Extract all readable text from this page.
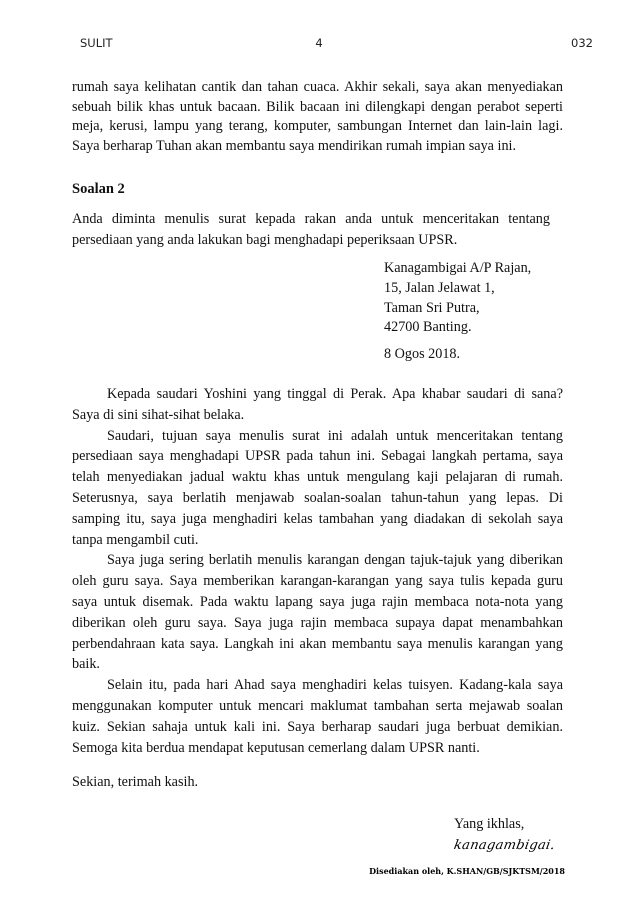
SULIT	4	032
rumah saya kelihatan cantik dan tahan cuaca. Akhir sekali, saya akan menyediakan sebuah bilik khas untuk bacaan. Bilik bacaan ini dilengkapi dengan perabot seperti meja, kerusi, lampu yang terang, komputer, sambungan Internet dan lain-lain lagi. Saya berharap Tuhan akan membantu saya mendirikan rumah impian saya ini.
Soalan 2
Anda diminta menulis surat kepada rakan anda untuk menceritakan tentang persediaan yang anda lakukan bagi menghadapi peperiksaan UPSR.
Kanagambigai A/P Rajan,
15, Jalan Jelawat 1,
Taman Sri Putra,
42700 Banting.
8 Ogos 2018.

Kepada saudari Yoshini yang tinggal di Perak. Apa khabar saudari di sana? Saya di sini sihat-sihat belaka.

Saudari, tujuan saya menulis surat ini adalah untuk menceritakan tentang persediaan saya menghadapi UPSR pada tahun ini. Sebagai langkah pertama, saya telah menyediakan jadual waktu khas untuk mengulang kaji pelajaran di rumah. Seterusnya, saya berlatih menjawab soalan-soalan tahun-tahun yang lepas. Di samping itu, saya juga menghadiri kelas tambahan yang diadakan di sekolah saya tanpa mengambil cuti.

Saya juga sering berlatih menulis karangan dengan tajuk-tajuk yang diberikan oleh guru saya. Saya memberikan karangan-karangan yang saya tulis kepada guru saya untuk disemak. Pada waktu lapang saya juga rajin membaca nota-nota yang diberikan oleh guru saya. Saya juga rajin membaca supaya dapat menambahkan perbendahraan kata saya. Langkah ini akan membantu saya menulis karangan yang baik.

Selain itu, pada hari Ahad saya menghadiri kelas tuisyen. Kadang-kala saya menggunakan komputer untuk mencari maklumat tambahan serta mejawab soalan kuiz. Sekian sahaja untuk kali ini. Saya berharap saudari juga berbuat demikian. Semoga kita berdua mendapat keputusan cemerlang dalam UPSR nanti.

Sekian, terimah kasih.
Yang ikhlas,
kanagambigai.
Disediakan oleh, K.SHAN/GB/SJKTSM/2018
